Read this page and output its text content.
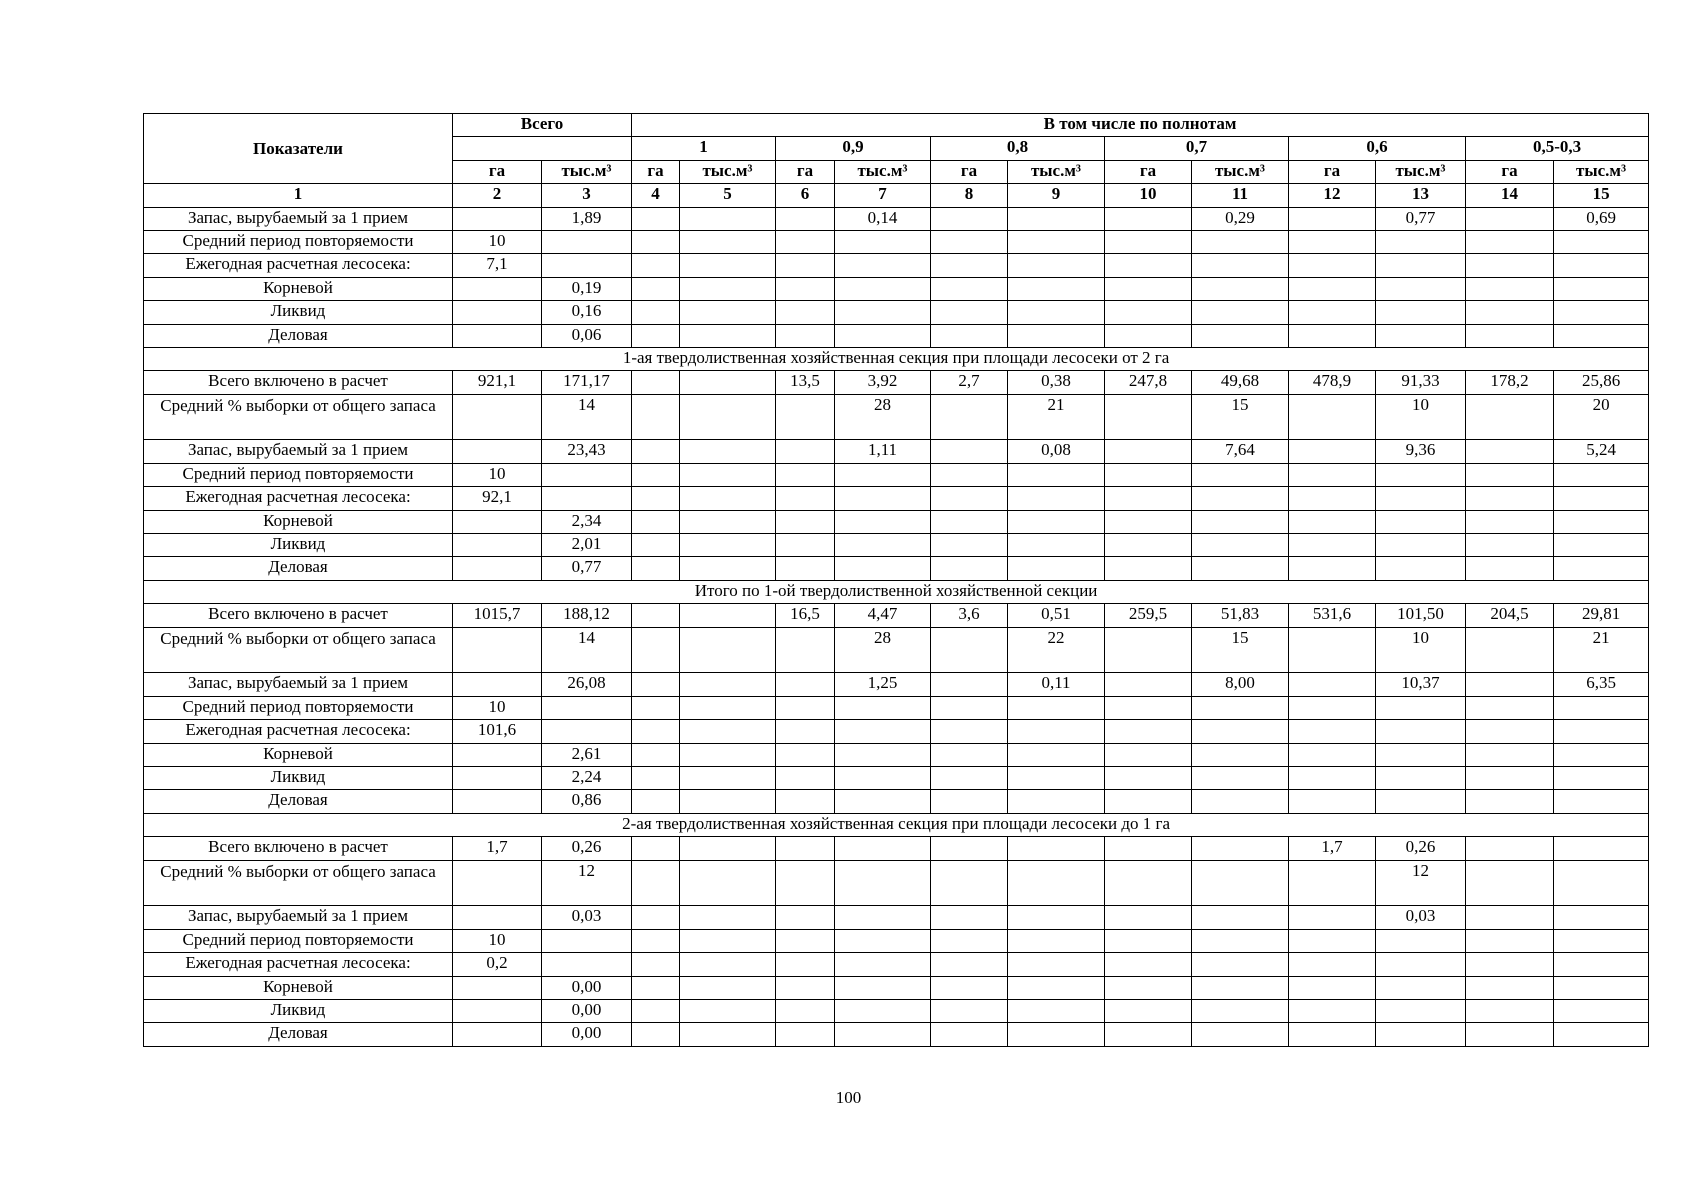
Показатели	Всего		В том числе по полнотам											
			1		0,9		0,8		0,7		0,6		0,5-0,3	
	га	тыс.м³	га	тыс.м³	га	тыс.м³	га	тыс.м³	га	тыс.м³	га	тыс.м³	га	тыс.м³
1	2	3	4	5	6	7	8	9	10	11	12	13	14	15
Запас, вырубаемый за 1 прием		1,89				0,14				0,29		0,77		0,69
Средний период повторяемости	10													
Ежегодная расчетная лесосека:	7,1													
Корневой		0,19												
Ликвид		0,16												
Деловая		0,06												
1-ая твердолиственная хозяйственная секция при площади лесосеки от 2 га														
Всего включено в расчет	921,1	171,17			13,5	3,92	2,7	0,38	247,8	49,68	478,9	91,33	178,2	25,86
Средний % выборки от общего запаса		14				28		21		15		10		20
Запас, вырубаемый за 1 прием		23,43				1,11		0,08		7,64		9,36		5,24
Средний период повторяемости	10													
Ежегодная расчетная лесосека:	92,1													
Корневой		2,34												
Ликвид		2,01												
Деловая		0,77												
Итого по 1-ой твердолиственной хозяйственной секции														
Всего включено в расчет	1015,7	188,12			16,5	4,47	3,6	0,51	259,5	51,83	531,6	101,50	204,5	29,81
Средний % выборки от общего запаса		14				28		22		15		10		21
Запас, вырубаемый за 1 прием		26,08				1,25		0,11		8,00		10,37		6,35
Средний период повторяемости	10													
Ежегодная расчетная лесосека:	101,6													
Корневой		2,61												
Ликвид		2,24												
Деловая		0,86												
2-ая твердолиственная хозяйственная секция при площади лесосеки до 1 га														
Всего включено в расчет	1,7	0,26									1,7	0,26		
Средний % выборки от общего запаса		12										12		
Запас, вырубаемый за 1 прием		0,03										0,03		
Средний период повторяемости	10													
Ежегодная расчетная лесосека:	0,2													
Корневой		0,00												
Ликвид		0,00												
Деловая		0,00												
100
